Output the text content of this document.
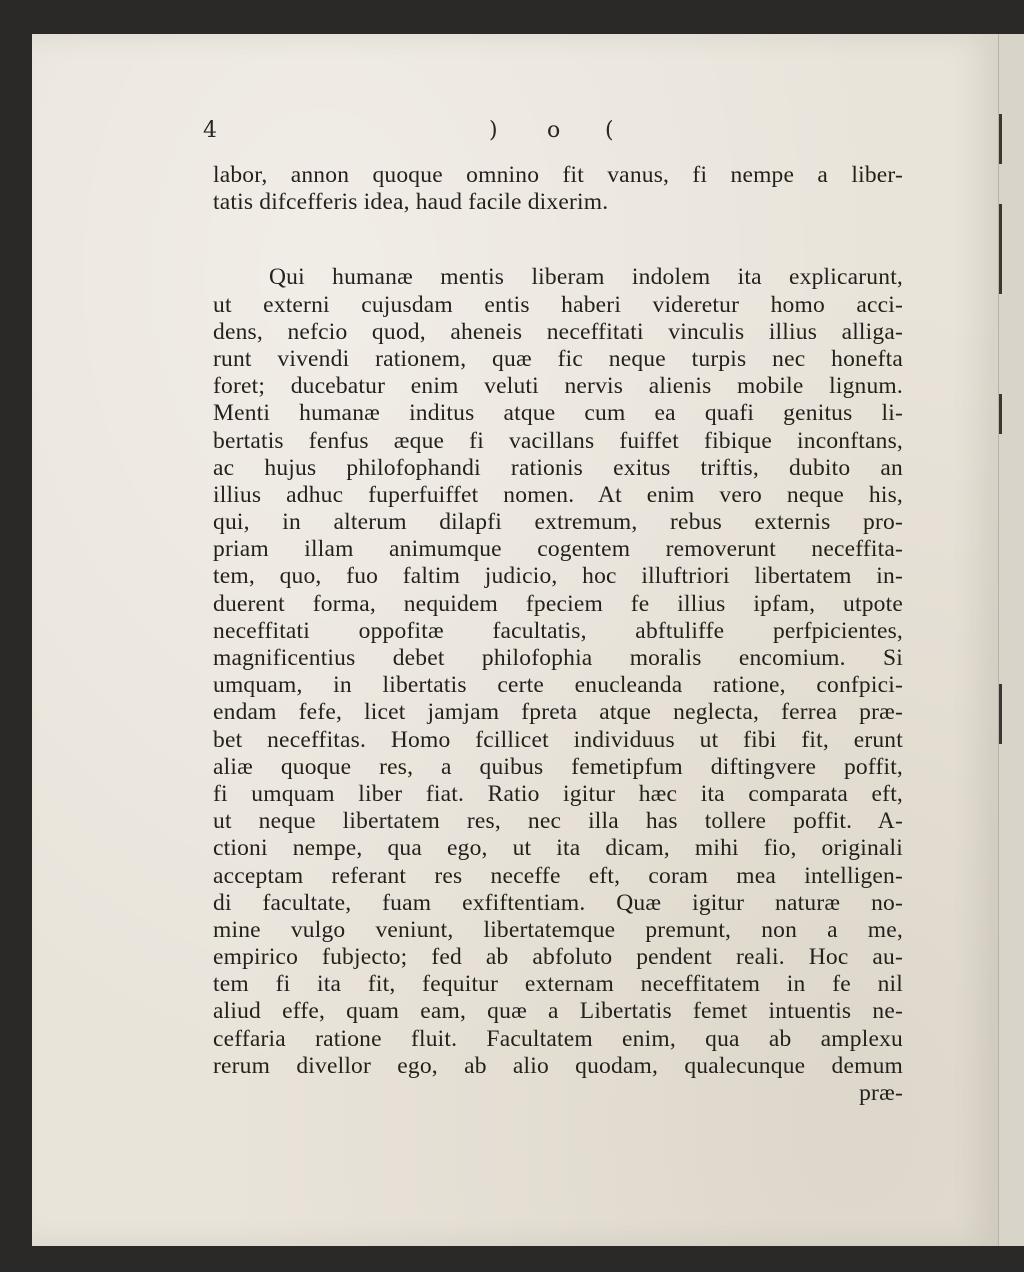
4	) o (
labor, annon quoque omnino fit vanus, fi nempe a liber-
tatis difcefferis idea, haud facile dixerim.
Qui humanæ mentis liberam indolem ita explicarunt,
ut externi cujusdam entis haberi videretur homo acci-
dens, nefcio quod, aheneis neceffitati vinculis illius alliga-
runt vivendi rationem, quæ fic neque turpis nec honefta
foret; ducebatur enim veluti nervis alienis mobile lignum.
Menti humanæ inditus atque cum ea quafi genitus li-
bertatis fenfus æque fi vacillans fuiffet fibique inconftans,
ac hujus philofophandi rationis exitus triftis, dubito an
illius adhuc fuperfuiffet nomen. At enim vero neque his,
qui, in alterum dilapfi extremum, rebus externis pro-
priam illam animumque cogentem removerunt neceffita-
tem, quo, fuo faltim judicio, hoc illuftriori libertatem in-
duerent forma, nequidem fpeciem fe illius ipfam, utpote
neceffitati oppofitæ facultatis, abftuliffe perfpicientes,
magnificentius debet philofophia moralis encomium. Si
umquam, in libertatis certe enucleanda ratione, confpici-
endam fefe, licet jamjam fpreta atque neglecta, ferrea præ-
bet neceffitas. Homo fcillicet individuus ut fibi fit, erunt
aliæ quoque res, a quibus femetipfum diftingvere poffit,
fi umquam liber fiat. Ratio igitur hæc ita comparata eft,
ut neque libertatem res, nec illa has tollere poffit. A-
ctioni nempe, qua ego, ut ita dicam, mihi fio, originali
acceptam referant res neceffe eft, coram mea intelligen-
di facultate, fuam exfiftentiam. Quæ igitur naturæ no-
mine vulgo veniunt, libertatemque premunt, non a me,
empirico fubjecto; fed ab abfoluto pendent reali. Hoc au-
tem fi ita fit, fequitur externam neceffitatem in fe nil
aliud effe, quam eam, quæ a Libertatis femet intuentis ne-
ceffaria ratione fluit. Facultatem enim, qua ab amplexu
rerum divellor ego, ab alio quodam, qualecunque demum
præ-
